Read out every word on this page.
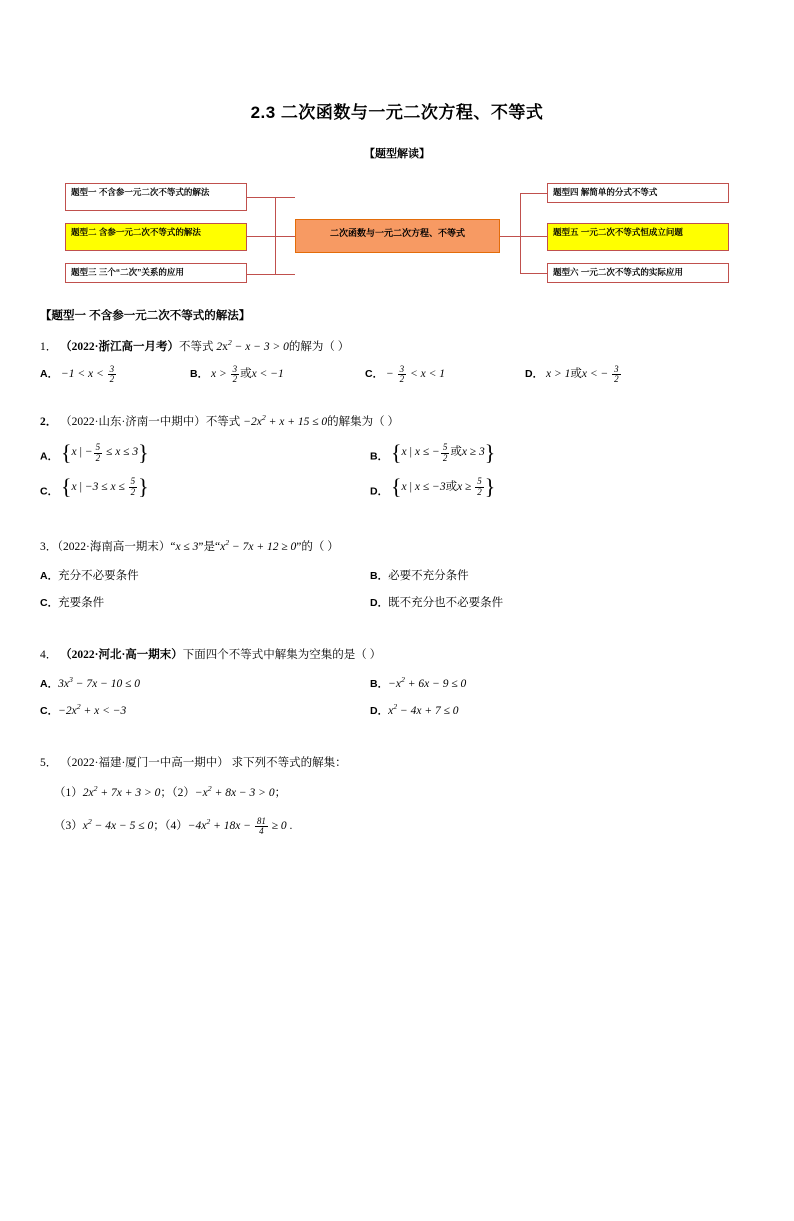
2.3 二次函数与一元二次方程、不等式
【题型解读】
二次函数与一元二次方程、不等式
题型一 不含参一元二次不等式的解法
题型二 含参一元二次不等式的解法
题型三 三个“二次”关系的应用
题型四 解简单的分式不等式
题型五 一元二次不等式恒成立问题
题型六 一元二次不等式的实际应用
【题型一 不含参一元二次不等式的解法】
1． （2022·浙江高一月考）不等式 $2x^2 - x - 3 > 0$的解为（ ）
A． $-1 < x < \frac{3}{2}$	B． $x > \frac{3}{2}$ 或x < −1	C． − $\frac{3}{2} < x < 1$	D． x > 1或x < − $\frac{3}{2}$
2． （2022·山东·济南一中期中）不等式 $-2x^2 + x + 15 \le 0$的解集为（ ）
A． { x | − $\frac{5}{2} \le x \le 3$ }	B． { x | x ≤ − $\frac{5}{2}$ 或 x ≥ 3 }
C． { x | $-3 \le x \le \frac{5}{2}$ }	D． { x | x ≤ −3 或 $x \ge \frac{5}{2}$ }
3．（2022·海南高一期末）“x ≤ 3”是“$x^2 - 7x + 12 \ge 0$”的（ ）
A．充分不必要条件	B．必要不充分条件
C．充要条件	D．既不充分也不必要条件
4． （2022·河北·高一期末）下面四个不等式中解集为空集的是（ ）
A．$3x^3 - 7x - 10 \le 0$	B．$-x^2 + 6x - 9 \le 0$
C．$-2x^2 + x < -3$	D．$x^2 - 4x + 7 \le 0$
5． （2022·福建·厦门一中高一期中） 求下列不等式的解集：
$(1)2x^2 + 7x + 3 > 0$；$(2)-x^2 + 8x - 3 > 0$；
$(3)x^2 - 4x - 5 \le 0$；$(4)-4x^2 + 18x - \frac{81}{4} \ge 0$ .
